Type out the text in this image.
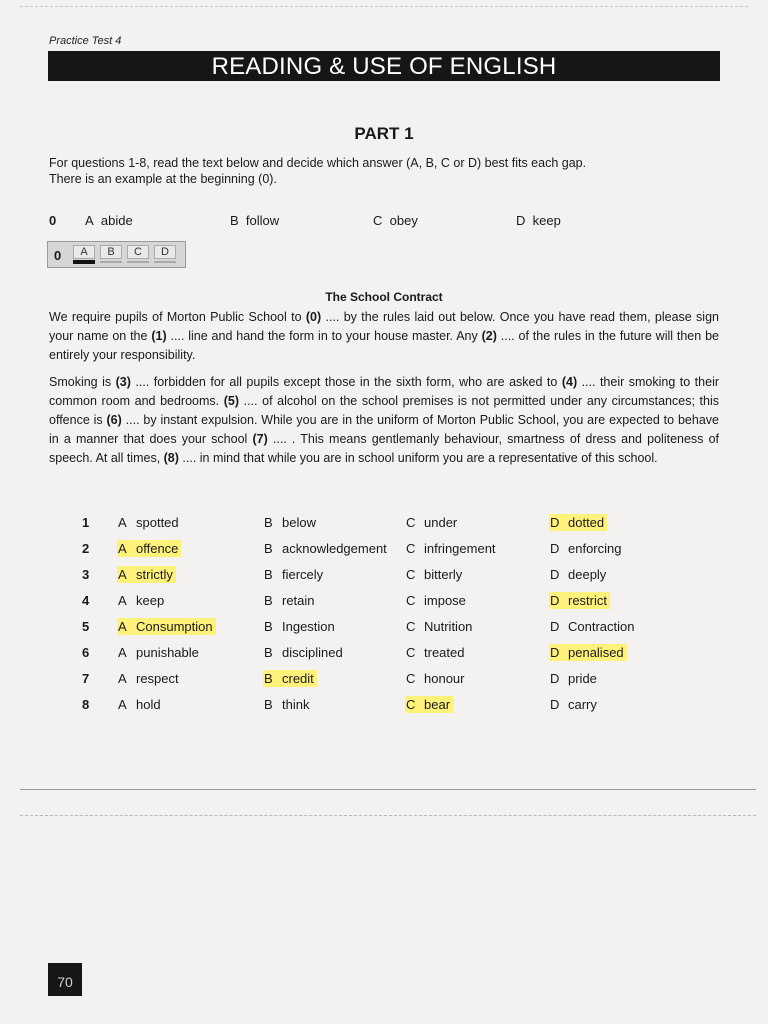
Practice Test 4
READING & USE OF ENGLISH
PART 1
For questions 1-8, read the text below and decide which answer (A, B, C or D) best fits each gap.
There is an example at the beginning (0).
0 A abide	B follow	C obey	D keep
0	A	B	C	D
The School Contract

We require pupils of Morton Public School to (0) .... by the rules laid out below. Once you have read them, please sign your name on the (1) .... line and hand the form in to your house master. Any (2) .... of the rules in the future will then be entirely your responsibility.

Smoking is (3) .... forbidden for all pupils except those in the sixth form, who are asked to (4) .... their smoking to their common room and bedrooms. (5) .... of alcohol on the school premises is not permitted under any circumstances; this offence is (6) .... by instant expulsion. While you are in the uniform of Morton Public School, you are expected to behave in a manner that does your school (7) .... . This means gentlemanly behaviour, smartness of dress and politeness of speech. At all times, (8) .... in mind that while you are in school uniform you are a representative of this school.

1 A spotted	B below	C under	D dotted
2 A offence	B acknowledgement C infringement	D enforcing
3 A strictly	B fiercely	C bitterly	D deeply
4 A keep	B retain	C impose	D restrict
5 A Consumption	B Ingestion	C Nutrition	D Contraction
6 A punishable	B disciplined	C treated	D penalised
7 A respect	B credit	C honour	D pride
8 A hold	B think	C bear	D carry
70
